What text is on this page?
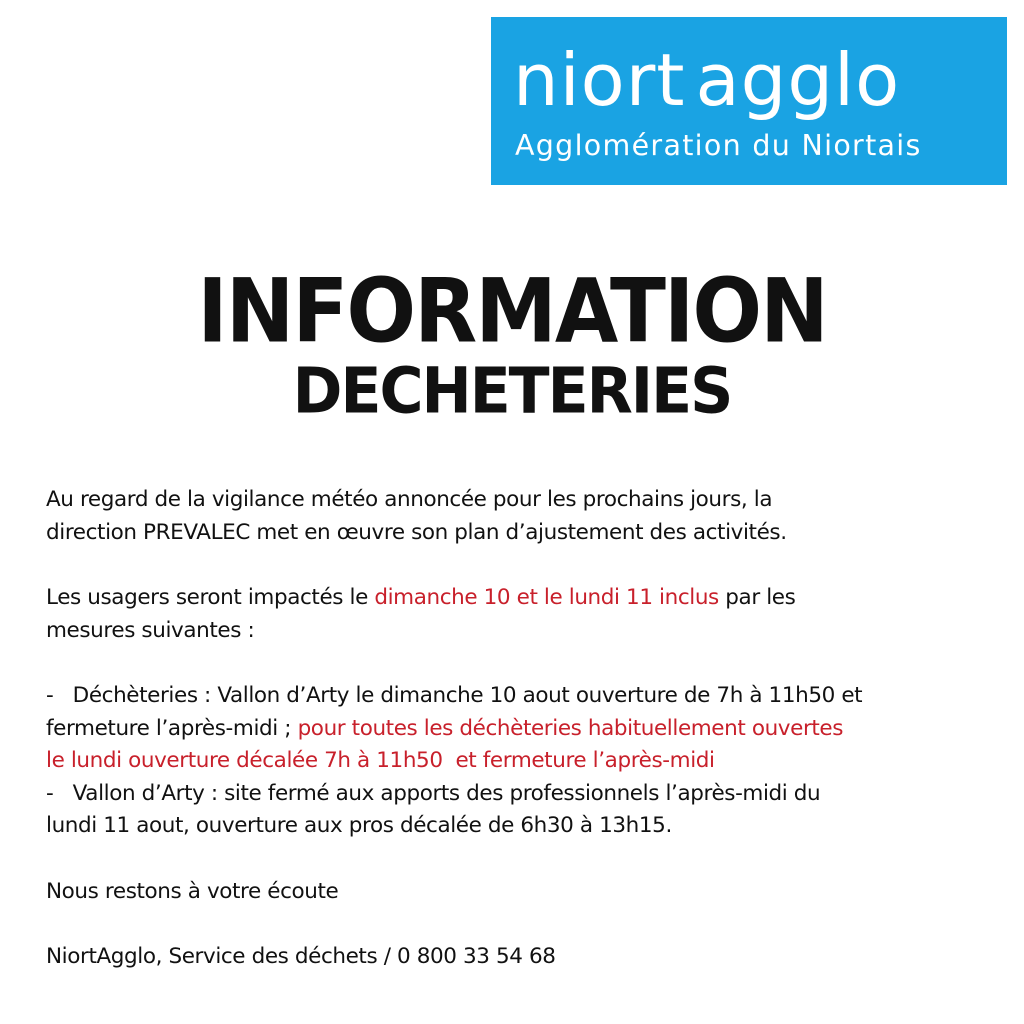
niort agglo
Agglomération du Niortais
INFORMATION
DECHETERIES

Au regard de la vigilance météo annoncée pour les prochains jours, la

direction PREVALEC met en œuvre son plan d’ajustement des activités.

Les usagers seront impactés le dimanche 10 et le lundi 11 inclus par les

mesures suivantes :

-   Déchèteries : Vallon d’Arty le dimanche 10 aout ouverture de 7h à 11h50 et

fermeture l’après-midi ; pour toutes les déchèteries habituellement ouvertes

le lundi ouverture décalée 7h à 11h50  et fermeture l’après-midi

-   Vallon d’Arty : site fermé aux apports des professionnels l’après-midi du

lundi 11 aout, ouverture aux pros décalée de 6h30 à 13h15.

Nous restons à votre écoute

NiortAgglo, Service des déchets / 0 800 33 54 68
